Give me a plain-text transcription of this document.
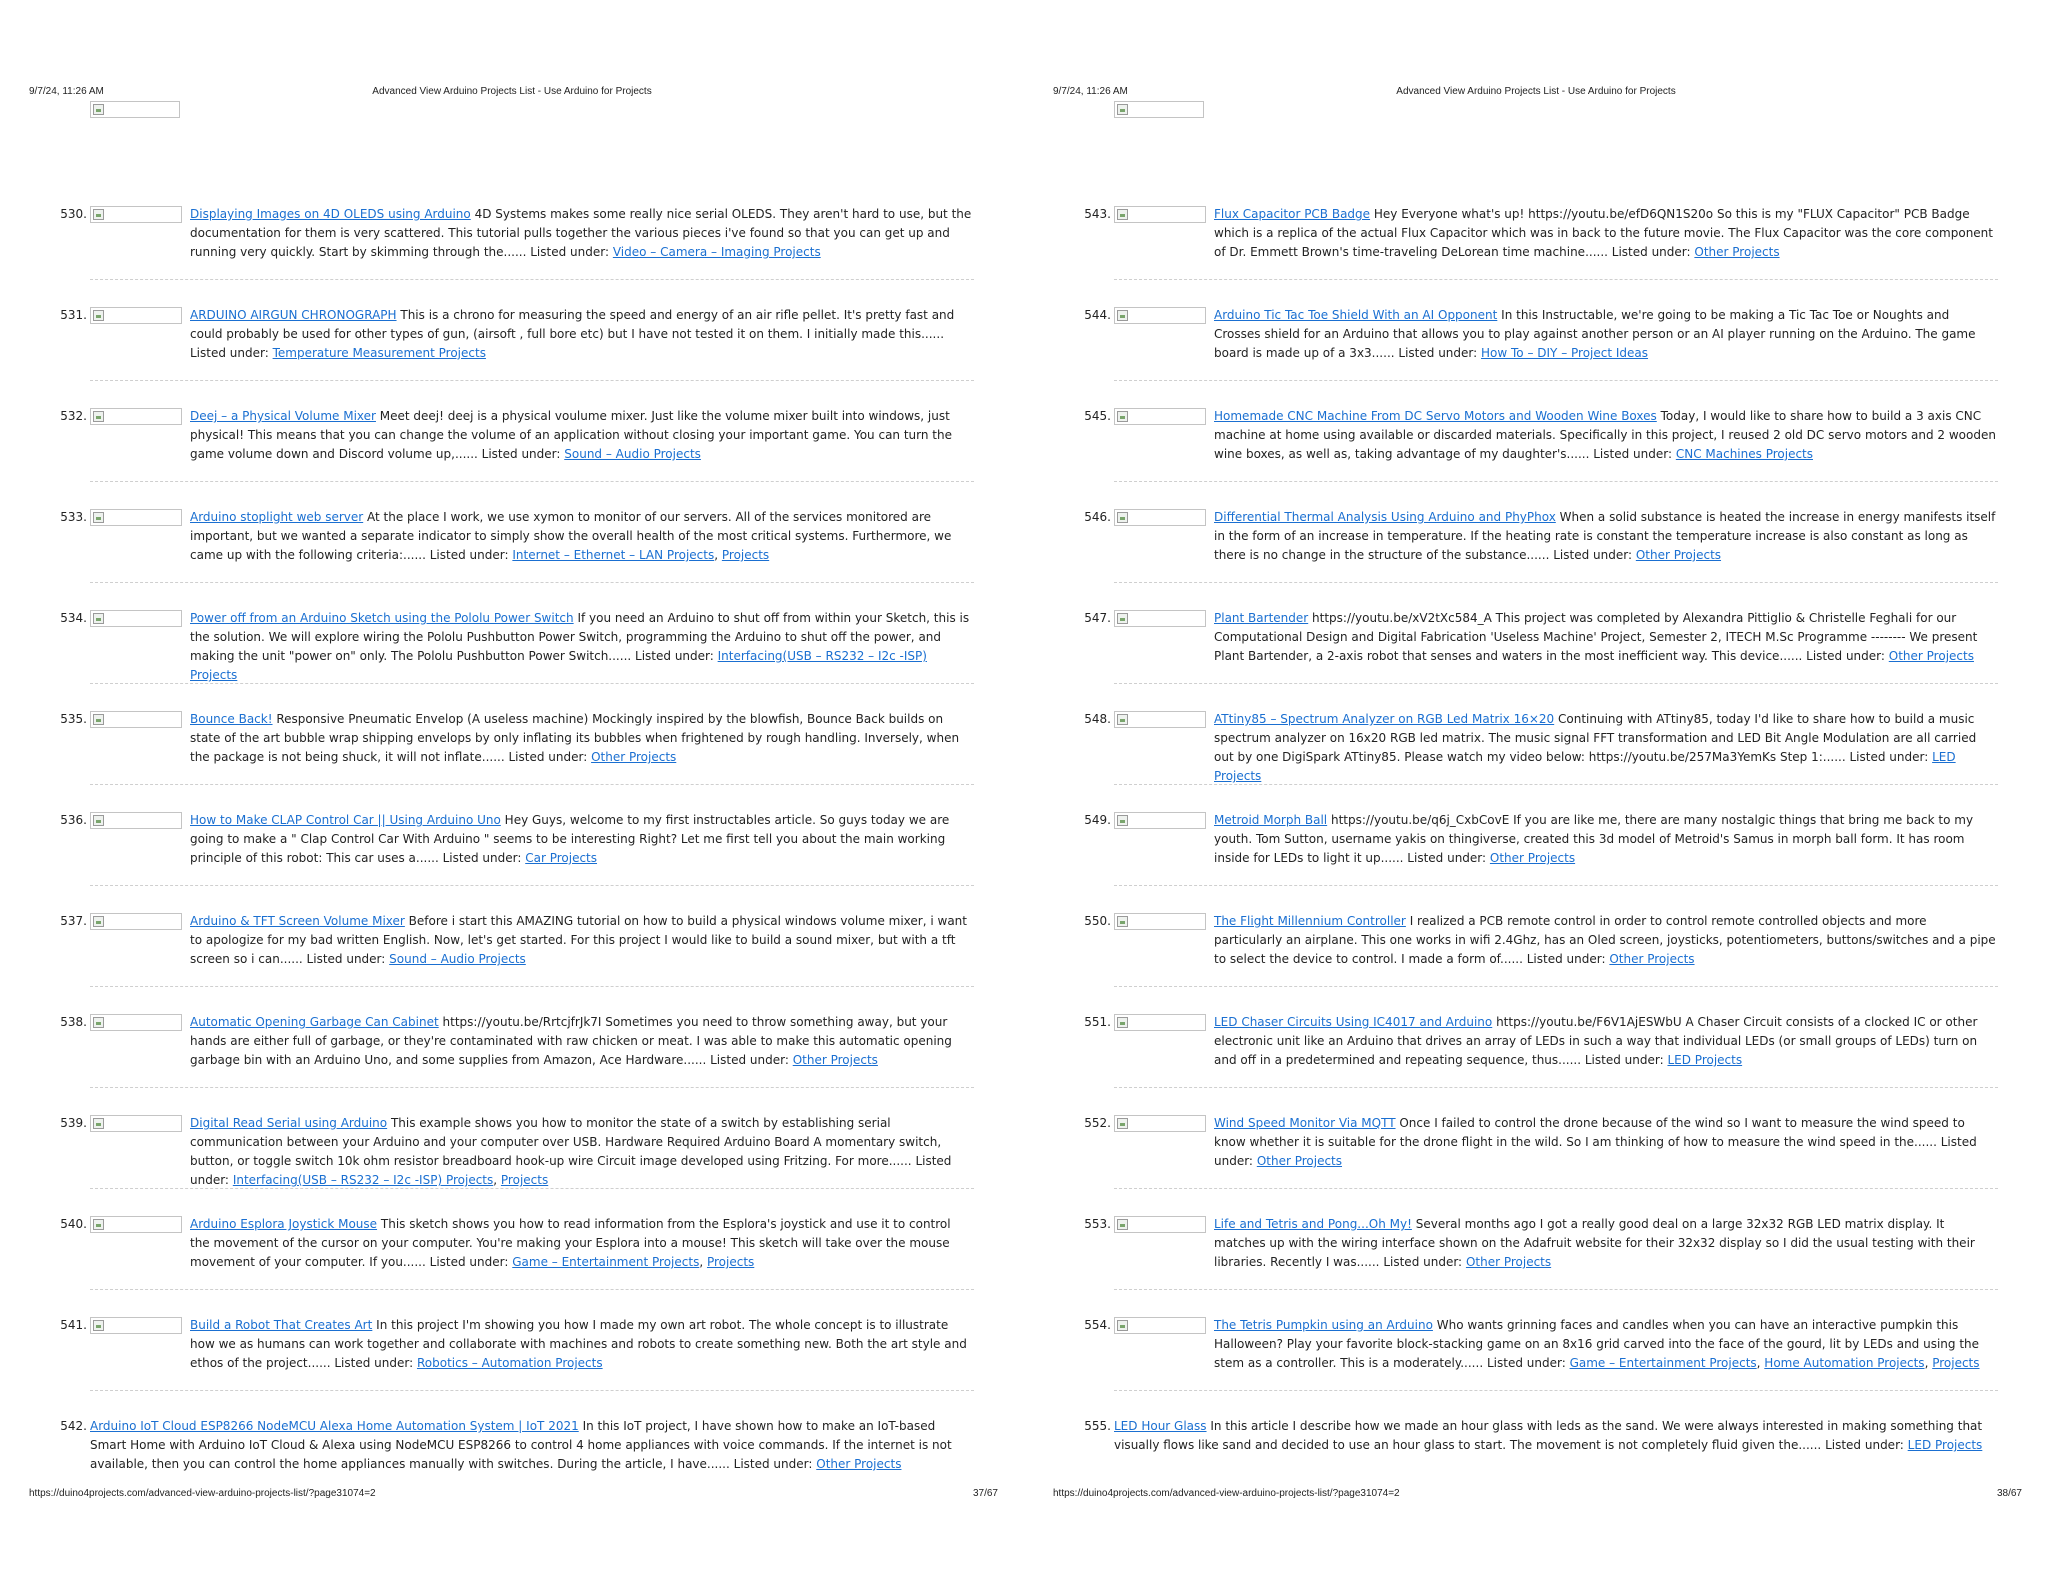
9/7/24, 11:26 AM	Advanced View Arduino Projects List - Use Arduino for Projects
530.	Displaying Images on 4D OLEDS using Arduino 4D Systems makes some really nice serial OLEDS. They aren't hard to use, but the documentation for them is very scattered. This tutorial pulls together the various pieces i've found so that you can get up and running very quickly. Start by skimming through the...... Listed under: Video – Camera – Imaging Projects
531.	ARDUINO AIRGUN CHRONOGRAPH This is a chrono for measuring the speed and energy of an air rifle pellet. It's pretty fast and could probably be used for other types of gun, (airsoft , full bore etc) but I have not tested it on them. I initially made this...... Listed under: Temperature Measurement Projects
532.	Deej – a Physical Volume Mixer Meet deej! deej is a physical voulume mixer. Just like the volume mixer built into windows, just physical! This means that you can change the volume of an application without closing your important game. You can turn the game volume down and Discord volume up,...... Listed under: Sound – Audio Projects
533.	Arduino stoplight web server At the place I work, we use xymon to monitor of our servers. All of the services monitored are important, but we wanted a separate indicator to simply show the overall health of the most critical systems. Furthermore, we came up with the following criteria:...... Listed under: Internet – Ethernet – LAN Projects, Projects
534.	Power off from an Arduino Sketch using the Pololu Power Switch If you need an Arduino to shut off from within your Sketch, this is the solution. We will explore wiring the Pololu Pushbutton Power Switch, programming the Arduino to shut off the power, and making the unit "power on" only. The Pololu Pushbutton Power Switch...... Listed under: Interfacing(USB – RS232 – I2c -ISP) Projects
535.	Bounce Back! Responsive Pneumatic Envelop (A useless machine) Mockingly inspired by the blowfish, Bounce Back builds on state of the art bubble wrap shipping envelops by only inflating its bubbles when frightened by rough handling. Inversely, when the package is not being shuck, it will not inflate...... Listed under: Other Projects
536.	How to Make CLAP Control Car || Using Arduino Uno Hey Guys, welcome to my first instructables article. So guys today we are going to make a " Clap Control Car With Arduino " seems to be interesting Right? Let me first tell you about the main working principle of this robot: This car uses a...... Listed under: Car Projects
537.	Arduino & TFT Screen Volume Mixer Before i start this AMAZING tutorial on how to build a physical windows volume mixer, i want to apologize for my bad written English. Now, let's get started. For this project I would like to build a sound mixer, but with a tft screen so i can...... Listed under: Sound – Audio Projects
538.	Automatic Opening Garbage Can Cabinet https://youtu.be/RrtcjfrJk7I Sometimes you need to throw something away, but your hands are either full of garbage, or they're contaminated with raw chicken or meat. I was able to make this automatic opening garbage bin with an Arduino Uno, and some supplies from Amazon, Ace Hardware...... Listed under: Other Projects
539.	Digital Read Serial using Arduino This example shows you how to monitor the state of a switch by establishing serial communication between your Arduino and your computer over USB. Hardware Required Arduino Board A momentary switch, button, or toggle switch 10k ohm resistor breadboard hook-up wire Circuit image developed using Fritzing. For more...... Listed under: Interfacing(USB – RS232 – I2c -ISP) Projects, Projects
540.	Arduino Esplora Joystick Mouse This sketch shows you how to read information from the Esplora's joystick and use it to control the movement of the cursor on your computer. You're making your Esplora into a mouse! This sketch will take over the mouse movement of your computer. If you...... Listed under: Game – Entertainment Projects, Projects
541.	Build a Robot That Creates Art In this project I'm showing you how I made my own art robot. The whole concept is to illustrate how we as humans can work together and collaborate with machines and robots to create something new. Both the art style and ethos of the project...... Listed under: Robotics – Automation Projects
542. Arduino IoT Cloud ESP8266 NodeMCU Alexa Home Automation System | IoT 2021 In this IoT project, I have shown how to make an IoT-based Smart Home with Arduino IoT Cloud & Alexa using NodeMCU ESP8266 to control 4 home appliances with voice commands. If the internet is not available, then you can control the home appliances manually with switches. During the article, I have...... Listed under: Other Projects
https://duino4projects.com/advanced-view-arduino-projects-list/?page31074=2	37/67
9/7/24, 11:26 AM	Advanced View Arduino Projects List - Use Arduino for Projects
543.	Flux Capacitor PCB Badge Hey Everyone what's up! https://youtu.be/efD6QN1S20o So this is my "FLUX Capacitor" PCB Badge which is a replica of the actual Flux Capacitor which was in back to the future movie. The Flux Capacitor was the core component of Dr. Emmett Brown's time-traveling DeLorean time machine...... Listed under: Other Projects
544.	Arduino Tic Tac Toe Shield With an AI Opponent In this Instructable, we're going to be making a Tic Tac Toe or Noughts and Crosses shield for an Arduino that allows you to play against another person or an AI player running on the Arduino. The game board is made up of a 3x3...... Listed under: How To – DIY – Project Ideas
545.	Homemade CNC Machine From DC Servo Motors and Wooden Wine Boxes Today, I would like to share how to build a 3 axis CNC machine at home using available or discarded materials. Specifically in this project, I reused 2 old DC servo motors and 2 wooden wine boxes, as well as, taking advantage of my daughter's...... Listed under: CNC Machines Projects
546.	Differential Thermal Analysis Using Arduino and PhyPhox When a solid substance is heated the increase in energy manifests itself in the form of an increase in temperature. If the heating rate is constant the temperature increase is also constant as long as there is no change in the structure of the substance...... Listed under: Other Projects
547.	Plant Bartender https://youtu.be/xV2tXc584_A This project was completed by Alexandra Pittiglio & Christelle Feghali for our Computational Design and Digital Fabrication 'Useless Machine' Project, Semester 2, ITECH M.Sc Programme -------- We present Plant Bartender, a 2-axis robot that senses and waters in the most inefficient way. This device...... Listed under: Other Projects
548.	ATtiny85 – Spectrum Analyzer on RGB Led Matrix 16×20 Continuing with ATtiny85, today I'd like to share how to build a music spectrum analyzer on 16x20 RGB led matrix. The music signal FFT transformation and LED Bit Angle Modulation are all carried out by one DigiSpark ATtiny85. Please watch my video below: https://youtu.be/257Ma3YemKs Step 1:...... Listed under: LED Projects
549.	Metroid Morph Ball https://youtu.be/q6j_CxbCovE If you are like me, there are many nostalgic things that bring me back to my youth. Tom Sutton, username yakis on thingiverse, created this 3d model of Metroid's Samus in morph ball form. It has room inside for LEDs to light it up...... Listed under: Other Projects
550.	The Flight Millennium Controller I realized a PCB remote control in order to control remote controlled objects and more particularly an airplane. This one works in wifi 2.4Ghz, has an Oled screen, joysticks, potentiometers, buttons/switches and a pipe to select the device to control. I made a form of...... Listed under: Other Projects
551.	LED Chaser Circuits Using IC4017 and Arduino https://youtu.be/F6V1AjESWbU A Chaser Circuit consists of a clocked IC or other electronic unit like an Arduino that drives an array of LEDs in such a way that individual LEDs (or small groups of LEDs) turn on and off in a predetermined and repeating sequence, thus...... Listed under: LED Projects
552.	Wind Speed Monitor Via MQTT Once I failed to control the drone because of the wind so I want to measure the wind speed to know whether it is suitable for the drone flight in the wild. So I am thinking of how to measure the wind speed in the...... Listed under: Other Projects
553.	Life and Tetris and Pong...Oh My! Several months ago I got a really good deal on a large 32x32 RGB LED matrix display. It matches up with the wiring interface shown on the Adafruit website for their 32x32 display so I did the usual testing with their libraries. Recently I was...... Listed under: Other Projects
554.	The Tetris Pumpkin using an Arduino Who wants grinning faces and candles when you can have an interactive pumpkin this Halloween? Play your favorite block-stacking game on an 8x16 grid carved into the face of the gourd, lit by LEDs and using the stem as a controller. This is a moderately...... Listed under: Game – Entertainment Projects, Home Automation Projects, Projects
555. LED Hour Glass In this article I describe how we made an hour glass with leds as the sand. We were always interested in making something that visually flows like sand and decided to use an hour glass to start. The movement is not completely fluid given the...... Listed under: LED Projects
https://duino4projects.com/advanced-view-arduino-projects-list/?page31074=2	38/67
